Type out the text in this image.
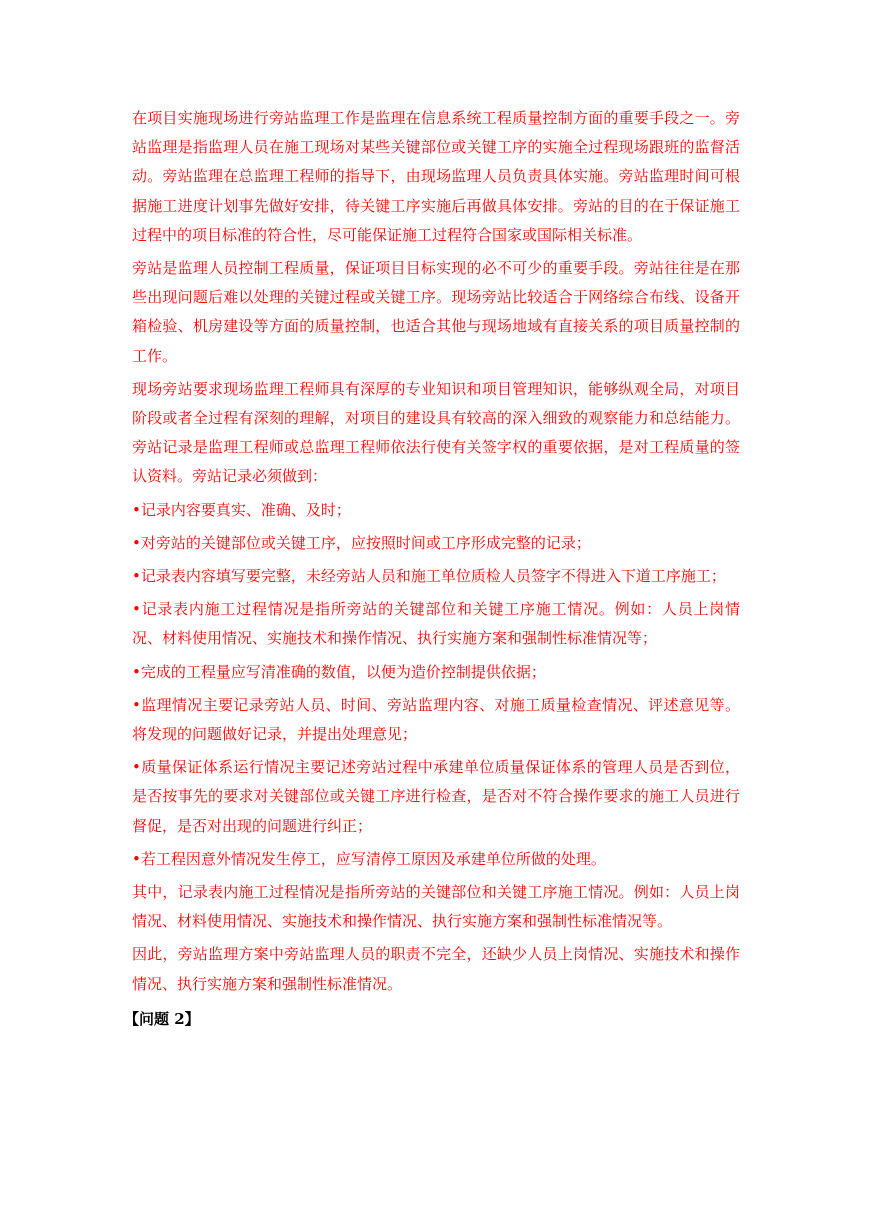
在项目实施现场进行旁站监理工作是监理在信息系统工程质量控制方面的重要手段之一。旁站监理是指监理人员在施工现场对某些关键部位或关键工序的实施全过程现场跟班的监督活动。旁站监理在总监理工程师的指导下，由现场监理人员负责具体实施。旁站监理时间可根据施工进度计划事先做好安排，待关键工序实施后再做具体安排。旁站的目的在于保证施工过程中的项目标准的符合性，尽可能保证施工过程符合国家或国际相关标准。

旁站是监理人员控制工程质量，保证项目目标实现的必不可少的重要手段。旁站往往是在那些出现问题后难以处理的关键过程或关键工序。现场旁站比较适合于网络综合布线、设备开箱检验、机房建设等方面的质量控制，也适合其他与现场地域有直接关系的项目质量控制的工作。

现场旁站要求现场监理工程师具有深厚的专业知识和项目管理知识，能够纵观全局，对项目阶段或者全过程有深刻的理解，对项目的建设具有较高的深入细致的观察能力和总结能力。旁站记录是监理工程师或总监理工程师依法行使有关签字权的重要依据，是对工程质量的签认资料。旁站记录必须做到：

•记录内容要真实、准确、及时；

•对旁站的关键部位或关键工序，应按照时间或工序形成完整的记录；

•记录表内容填写要完整，未经旁站人员和施工单位质检人员签字不得进入下道工序施工；

•记录表内施工过程情况是指所旁站的关键部位和关键工序施工情况。例如：人员上岗情况、材料使用情况、实施技术和操作情况、执行实施方案和强制性标准情况等；

•完成的工程量应写清准确的数值，以便为造价控制提供依据；

•监理情况主要记录旁站人员、时间、旁站监理内容、对施工质量检查情况、评述意见等。将发现的问题做好记录，并提出处理意见；

•质量保证体系运行情况主要记述旁站过程中承建单位质量保证体系的管理人员是否到位，是否按事先的要求对关键部位或关键工序进行检查，是否对不符合操作要求的施工人员进行督促，是否对出现的问题进行纠正；

•若工程因意外情况发生停工，应写清停工原因及承建单位所做的处理。

其中，记录表内施工过程情况是指所旁站的关键部位和关键工序施工情况。例如：人员上岗情况、材料使用情况、实施技术和操作情况、执行实施方案和强制性标准情况等。

因此，旁站监理方案中旁站监理人员的职责不完全，还缺少人员上岗情况、实施技术和操作情况、执行实施方案和强制性标准情况。

【问题 2】
